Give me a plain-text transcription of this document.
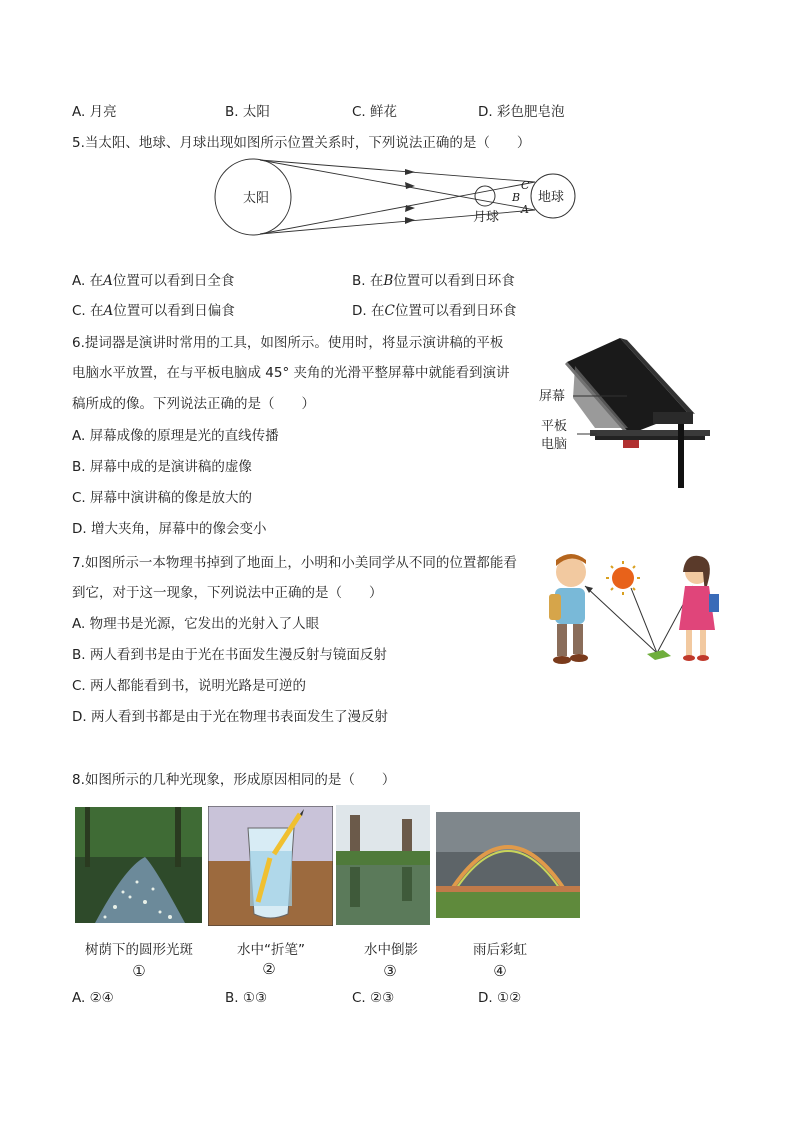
A. 月亮	B. 太阳	C. 鲜花	D. 彩色肥皂泡
5.当太阳、地球、月球出现如图所示位置关系时，下列说法正确的是（　　）
太阳	地球
月球
C
B
A
A. 在A位置可以看到日全食	B. 在B位置可以看到日环食
C. 在A位置可以看到日偏食	D. 在C位置可以看到日环食
6.提词器是演讲时常用的工具，如图所示。使用时，将显示演讲稿的平板
电脑水平放置，在与平板电脑成 45° 夹角的光滑平整屏幕中就能看到演讲
稿所成的像。下列说法正确的是（　　）
A. 屏幕成像的原理是光的直线传播
B. 屏幕中成的是演讲稿的虚像
C. 屏幕中演讲稿的像是放大的
D. 增大夹角，屏幕中的像会变小
屏幕
平板
电脑
7.如图所示一本物理书掉到了地面上，小明和小美同学从不同的位置都能看
到它，对于这一现象，下列说法中正确的是（　　）
A. 物理书是光源，它发出的光射入了人眼
B. 两人看到书是由于光在书面发生漫反射与镜面反射
C. 两人都能看到书，说明光路是可逆的
D. 两人看到书都是由于光在物理书表面发生了漫反射
8.如图所示的几种光现象，形成原因相同的是（　　）
树荫下的圆形光斑	水中“折笔”	水中倒影	雨后彩虹
①	②	③	④
A. ②④	B. ①③	C. ②③	D. ①②
